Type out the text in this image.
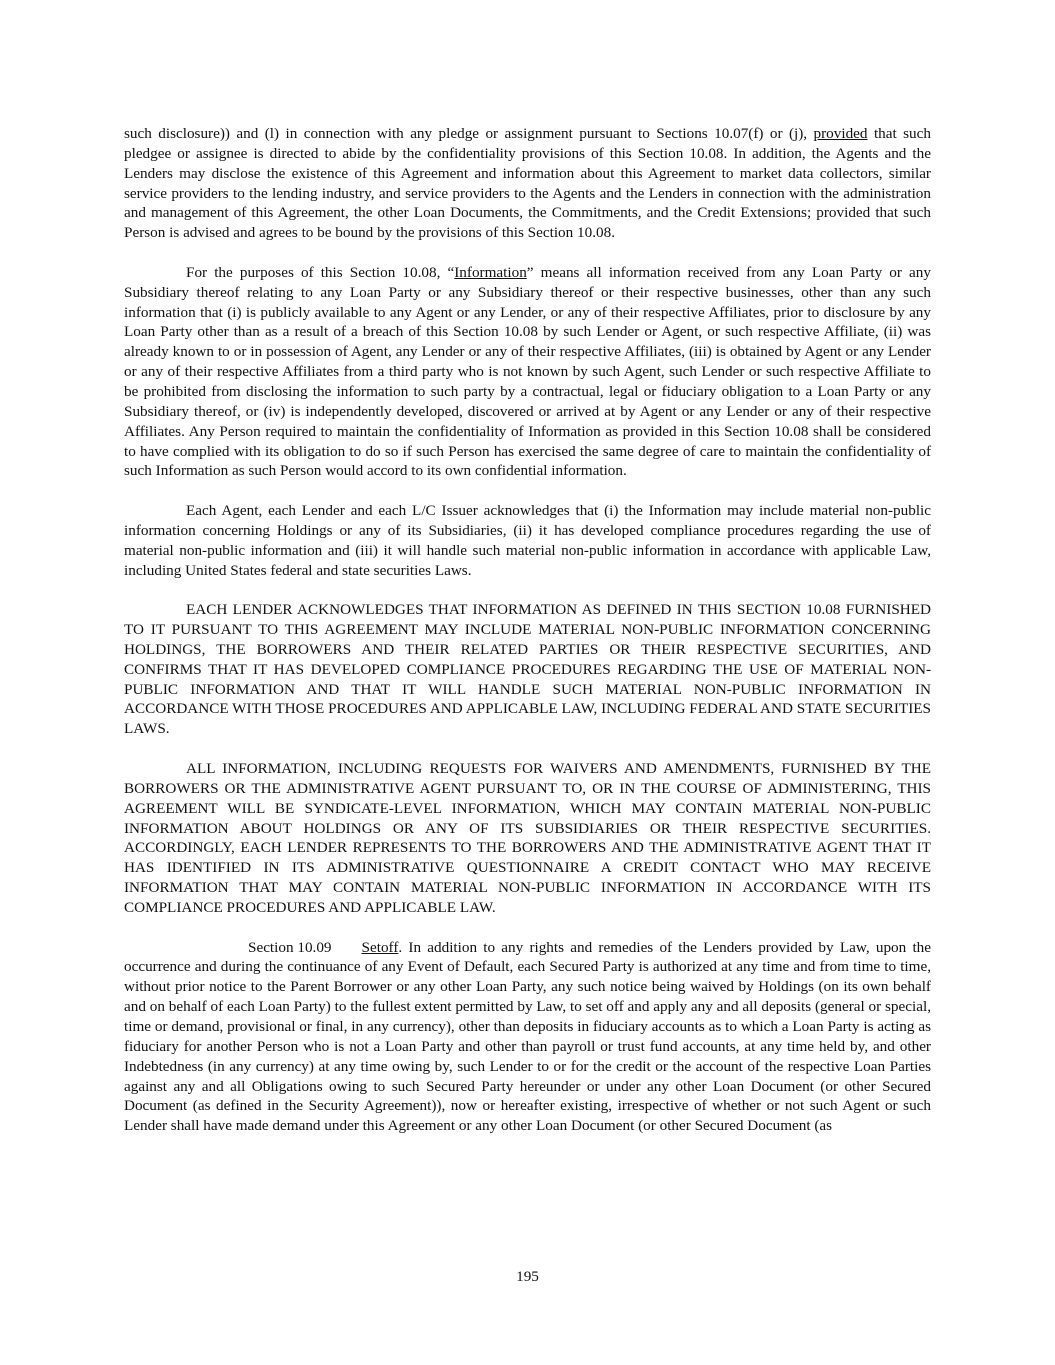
such disclosure)) and (l) in connection with any pledge or assignment pursuant to Sections 10.07(f) or (j), provided that such pledgee or assignee is directed to abide by the confidentiality provisions of this Section 10.08. In addition, the Agents and the Lenders may disclose the existence of this Agreement and information about this Agreement to market data collectors, similar service providers to the lending industry, and service providers to the Agents and the Lenders in connection with the administration and management of this Agreement, the other Loan Documents, the Commitments, and the Credit Extensions; provided that such Person is advised and agrees to be bound by the provisions of this Section 10.08.

For the purposes of this Section 10.08, “Information” means all information received from any Loan Party or any Subsidiary thereof relating to any Loan Party or any Subsidiary thereof or their respective businesses, other than any such information that (i) is publicly available to any Agent or any Lender, or any of their respective Affiliates, prior to disclosure by any Loan Party other than as a result of a breach of this Section 10.08 by such Lender or Agent, or such respective Affiliate, (ii) was already known to or in possession of Agent, any Lender or any of their respective Affiliates, (iii) is obtained by Agent or any Lender or any of their respective Affiliates from a third party who is not known by such Agent, such Lender or such respective Affiliate to be prohibited from disclosing the information to such party by a contractual, legal or fiduciary obligation to a Loan Party or any Subsidiary thereof, or (iv) is independently developed, discovered or arrived at by Agent or any Lender or any of their respective Affiliates. Any Person required to maintain the confidentiality of Information as provided in this Section 10.08 shall be considered to have complied with its obligation to do so if such Person has exercised the same degree of care to maintain the confidentiality of such Information as such Person would accord to its own confidential information.

Each Agent, each Lender and each L/C Issuer acknowledges that (i) the Information may include material non-public information concerning Holdings or any of its Subsidiaries, (ii) it has developed compliance procedures regarding the use of material non-public information and (iii) it will handle such material non-public information in accordance with applicable Law, including United States federal and state securities Laws.

EACH LENDER ACKNOWLEDGES THAT INFORMATION AS DEFINED IN THIS SECTION 10.08 FURNISHED TO IT PURSUANT TO THIS AGREEMENT MAY INCLUDE MATERIAL NON-PUBLIC INFORMATION CONCERNING HOLDINGS, THE BORROWERS AND THEIR RELATED PARTIES OR THEIR RESPECTIVE SECURITIES, AND CONFIRMS THAT IT HAS DEVELOPED COMPLIANCE PROCEDURES REGARDING THE USE OF MATERIAL NON-PUBLIC INFORMATION AND THAT IT WILL HANDLE SUCH MATERIAL NON-PUBLIC INFORMATION IN ACCORDANCE WITH THOSE PROCEDURES AND APPLICABLE LAW, INCLUDING FEDERAL AND STATE SECURITIES LAWS.

ALL INFORMATION, INCLUDING REQUESTS FOR WAIVERS AND AMENDMENTS, FURNISHED BY THE BORROWERS OR THE ADMINISTRATIVE AGENT PURSUANT TO, OR IN THE COURSE OF ADMINISTERING, THIS AGREEMENT WILL BE SYNDICATE-LEVEL INFORMATION, WHICH MAY CONTAIN MATERIAL NON-PUBLIC INFORMATION ABOUT HOLDINGS OR ANY OF ITS SUBSIDIARIES OR THEIR RESPECTIVE SECURITIES. ACCORDINGLY, EACH LENDER REPRESENTS TO THE BORROWERS AND THE ADMINISTRATIVE AGENT THAT IT HAS IDENTIFIED IN ITS ADMINISTRATIVE QUESTIONNAIRE A CREDIT CONTACT WHO MAY RECEIVE INFORMATION THAT MAY CONTAIN MATERIAL NON-PUBLIC INFORMATION IN ACCORDANCE WITH ITS COMPLIANCE PROCEDURES AND APPLICABLE LAW.

Section 10.09 Setoff. In addition to any rights and remedies of the Lenders provided by Law, upon the occurrence and during the continuance of any Event of Default, each Secured Party is authorized at any time and from time to time, without prior notice to the Parent Borrower or any other Loan Party, any such notice being waived by Holdings (on its own behalf and on behalf of each Loan Party) to the fullest extent permitted by Law, to set off and apply any and all deposits (general or special, time or demand, provisional or final, in any currency), other than deposits in fiduciary accounts as to which a Loan Party is acting as fiduciary for another Person who is not a Loan Party and other than payroll or trust fund accounts, at any time held by, and other Indebtedness (in any currency) at any time owing by, such Lender to or for the credit or the account of the respective Loan Parties against any and all Obligations owing to such Secured Party hereunder or under any other Loan Document (or other Secured Document (as defined in the Security Agreement)), now or hereafter existing, irrespective of whether or not such Agent or such Lender shall have made demand under this Agreement or any other Loan Document (or other Secured Document (as

195
